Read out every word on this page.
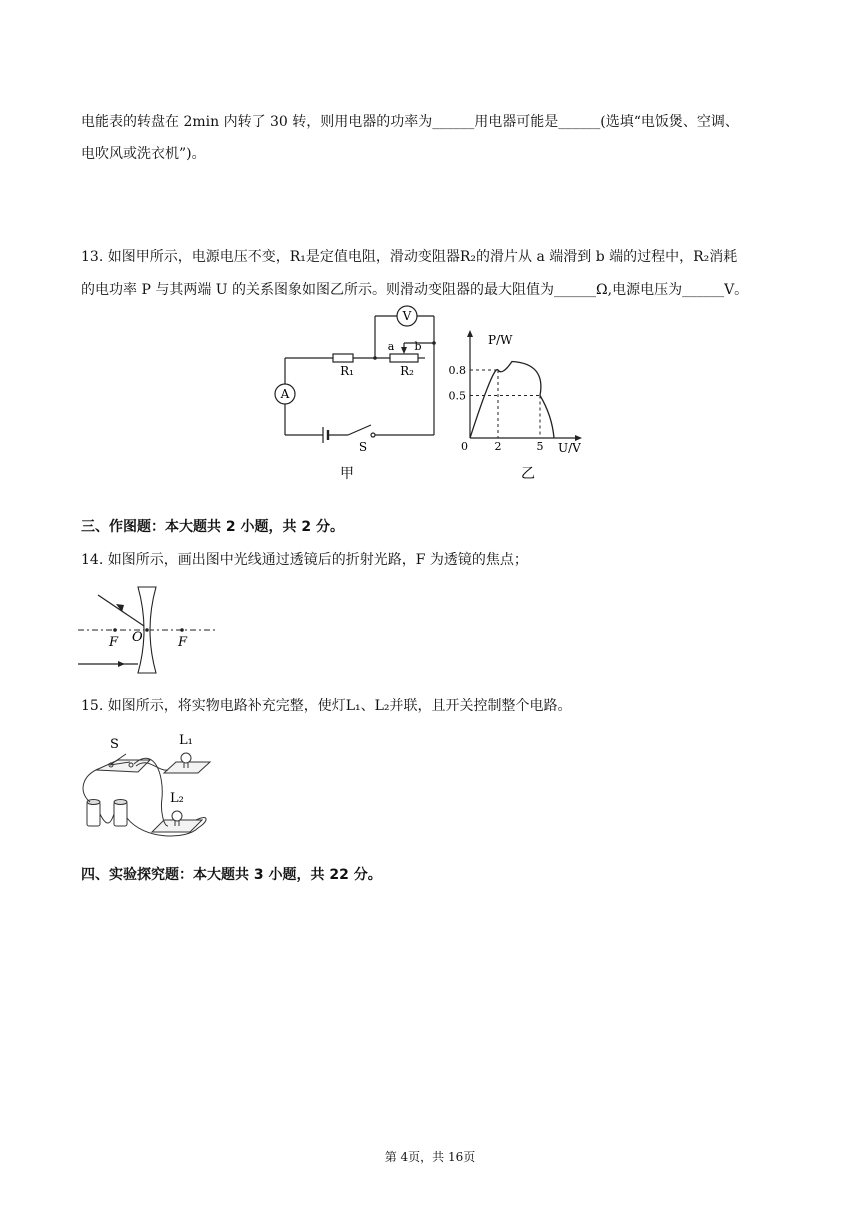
电能表的转盘在 2min 内转了 30 转，则用电器的功率为______用电器可能是______(选填“电饭煲、空调、
电吹风或洗衣机”)。
13. 如图甲所示，电源电压不变，R₁是定值电阻，滑动变阻器R₂的滑片从 a 端滑到 b 端的过程中，R₂消耗
的电功率 P 与其两端 U 的关系图象如图乙所示。则滑动变阻器的最大阻值为______Ω,电源电压为______V。
V
A
R₁	R₂
a b
S
甲
0.8
0.5
2	5
P/W
U/V
0
乙
三、作图题：本大题共 2 小题，共 2 分。
14. 如图所示，画出图中光线通过透镜后的折射光路，F 为透镜的焦点；
F O	F
15. 如图所示，将实物电路补充完整，使灯L₁、L₂并联，且开关控制整个电路。
S	L₁
L₂
四、实验探究题：本大题共 3 小题，共 22 分。
第 4页，共 16页
